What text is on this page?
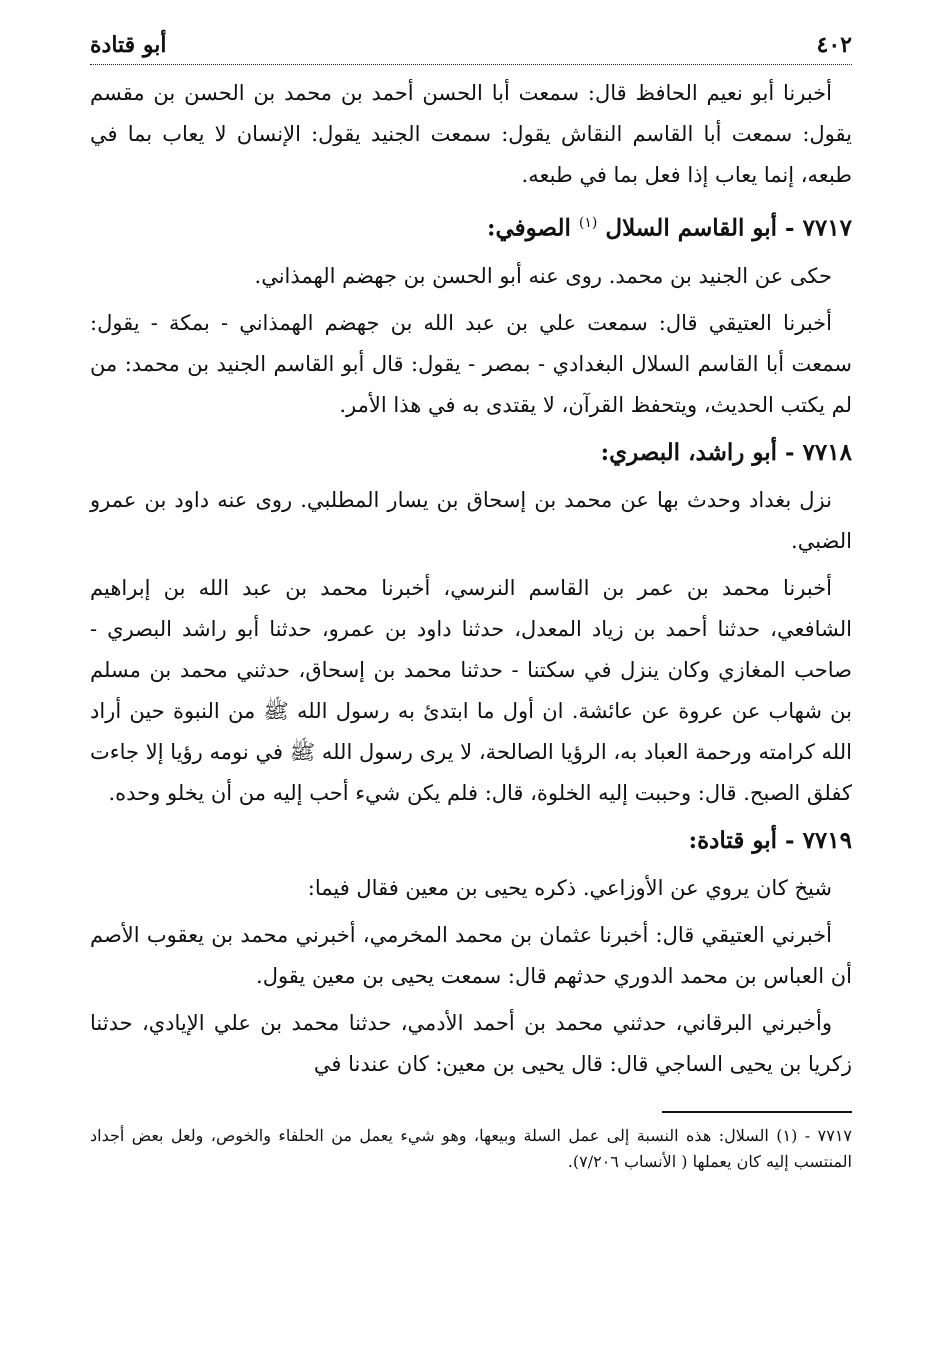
٤٠٢
أبو قتادة

أخبرنا أبو نعيم الحافظ قال: سمعت أبا الحسن أحمد بن محمد بن الحسن بن مقسم يقول: سمعت أبا القاسم النقاش يقول: سمعت الجنيد يقول: الإنسان لا يعاب بما في طبعه، إنما يعاب إذا فعل بما في طبعه.

٧٧١٧ - أبو القاسم السلال $^{(١)}$ الصوفي:

حكى عن الجنيد بن محمد. روى عنه أبو الحسن بن جهضم الهمذاني.

أخبرنا العتيقي قال: سمعت علي بن عبد الله بن جهضم الهمذاني - بمكة - يقول: سمعت أبا القاسم السلال البغدادي - بمصر - يقول: قال أبو القاسم الجنيد بن محمد: من لم يكتب الحديث، ويتحفظ القرآن، لا يقتدى به في هذا الأمر.

٧٧١٨ - أبو راشد، البصري:

نزل بغداد وحدث بها عن محمد بن إسحاق بن يسار المطلبي. روى عنه داود بن عمرو الضبي.

أخبرنا محمد بن عمر بن القاسم النرسي، أخبرنا محمد بن عبد الله بن إبراهيم الشافعي، حدثنا أحمد بن زياد المعدل، حدثنا داود بن عمرو، حدثنا أبو راشد البصري - صاحب المغازي وكان ينزل في سكتنا - حدثنا محمد بن إسحاق، حدثني محمد بن مسلم بن شهاب عن عروة عن عائشة. ان أول ما ابتدئ به رسول الله ﷺ من النبوة حين أراد الله كرامته ورحمة العباد به، الرؤيا الصالحة، لا يرى رسول الله ﷺ في نومه رؤيا إلا جاءت كفلق الصبح. قال: وحببت إليه الخلوة، قال: فلم يكن شيء أحب إليه من أن يخلو وحده.

٧٧١٩ - أبو قتادة:

شيخ كان يروي عن الأوزاعي. ذكره يحيى بن معين فقال فيما:

أخبرني العتيقي قال: أخبرنا عثمان بن محمد المخرمي، أخبرني محمد بن يعقوب الأصم أن العباس بن محمد الدوري حدثهم قال: سمعت يحيى بن معين يقول.

وأخبرني البرقاني، حدثني محمد بن أحمد الأدمي، حدثنا محمد بن علي الإيادي، حدثنا زكريا بن يحيى الساجي قال: قال يحيى بن معين: كان عندنا في

٧٧١٧ - (١) السلال: هذه النسبة إلى عمل السلة وبيعها، وهو شيء يعمل من الحلفاء والخوص، ولعل بعض أجداد المنتسب إليه كان يعملها ( الأنساب ٧/٢٠٦).
